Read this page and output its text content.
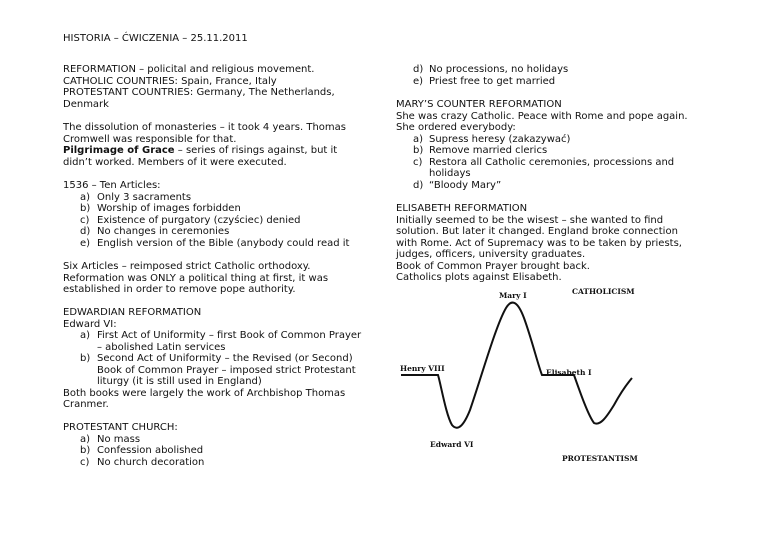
HISTORIA – ĆWICZENIA – 25.11.2011
REFORMATION – policital and religious movement.
CATHOLIC COUNTRIES: Spain, France, Italy
PROTESTANT COUNTRIES: Germany, The Netherlands,
Denmark
The dissolution of monasteries – it took 4 years. Thomas
Cromwell was responsible for that.
Pilgrimage of Grace – series of risings against, but it
didn’t worked. Members of it were executed.
1536 – Ten Articles:
a) Only 3 sacraments
b) Worship of images forbidden
c) Existence of purgatory (czyściec) denied
d) No changes in ceremonies
e) English version of the Bible (anybody could read it
Six Articles – reimposed strict Catholic orthodoxy.
Reformation was ONLY a political thing at first, it was
established in order to remove pope authority.
EDWARDIAN REFORMATION
Edward VI:
a) First Act of Uniformity – first Book of Common Prayer
– abolished Latin services
b) Second Act of Uniformity – the Revised (or Second)
Book of Common Prayer – imposed strict Protestant
liturgy (it is still used in England)
Both books were largely the work of Archbishop Thomas
Cranmer.
PROTESTANT CHURCH:
a) No mass
b) Confession abolished
c) No church decoration
d) No processions, no holidays
e) Priest free to get married
MARY’S COUNTER REFORMATION
She was crazy Catholic. Peace with Rome and pope again.
She ordered everybody:
a) Supress heresy (zakazywać)
b) Remove married clerics
c) Restora all Catholic ceremonies, processions and
holidays
d) “Bloody Mary”
ELISABETH REFORMATION
Initially seemed to be the wisest – she wanted to find
solution. But later it changed. England broke connection
with Rome. Act of Supremacy was to be taken by priests,
judges, officers, university graduates.
Book of Common Prayer brought back.
Catholics plots against Elisabeth.
Mary I	CATHOLICISM
Henry VIII	Elisabeth I
Edward VI
PROTESTANTISM
